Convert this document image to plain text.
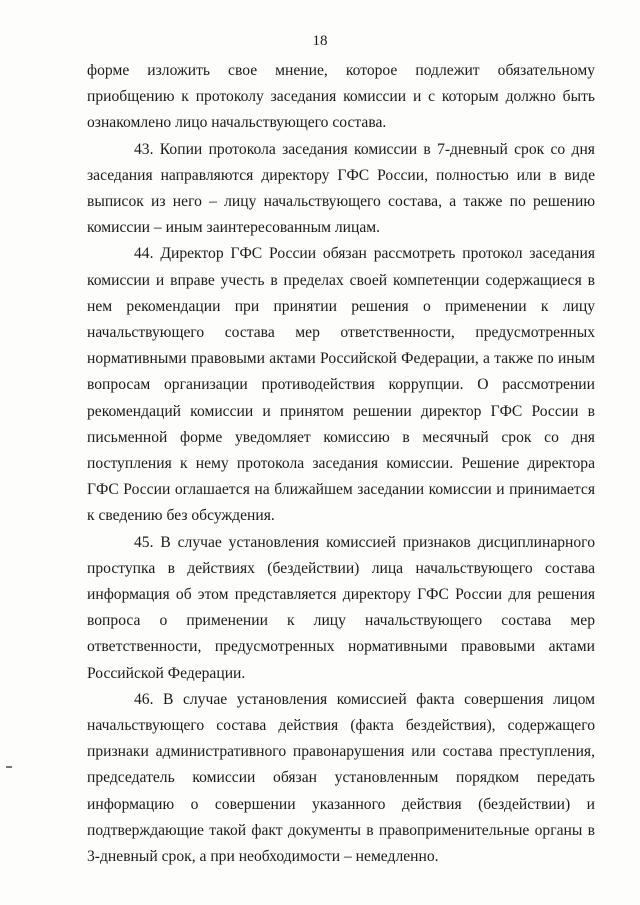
18

форме изложить свое мнение, которое подлежит обязательному приобщению к протоколу заседания комиссии и с которым должно быть ознакомлено лицо начальствующего состава.

43. Копии протокола заседания комиссии в 7-дневный срок со дня заседания направляются директору ГФС России, полностью или в виде выписок из него – лицу начальствующего состава, а также по решению комиссии – иным заинтересованным лицам.

44. Директор ГФС России обязан рассмотреть протокол заседания комиссии и вправе учесть в пределах своей компетенции содержащиеся в нем рекомендации при принятии решения о применении к лицу начальствующего состава мер ответственности, предусмотренных нормативными правовыми актами Российской Федерации, а также по иным вопросам организации противодействия коррупции. О рассмотрении рекомендаций комиссии и принятом решении директор ГФС России в письменной форме уведомляет комиссию в месячный срок со дня поступления к нему протокола заседания комиссии. Решение директора ГФС России оглашается на ближайшем заседании комиссии и принимается к сведению без обсуждения.

45. В случае установления комиссией признаков дисциплинарного проступка в действиях (бездействии) лица начальствующего состава информация об этом представляется директору ГФС России для решения вопроса о применении к лицу начальствующего состава мер ответственности, предусмотренных нормативными правовыми актами Российской Федерации.

46. В случае установления комиссией факта совершения лицом начальствующего состава действия (факта бездействия), содержащего признаки административного правонарушения или состава преступления, председатель комиссии обязан установленным порядком передать информацию о совершении указанного действия (бездействии) и подтверждающие такой факт документы в правоприменительные органы в 3-дневный срок, а при необходимости – немедленно.
